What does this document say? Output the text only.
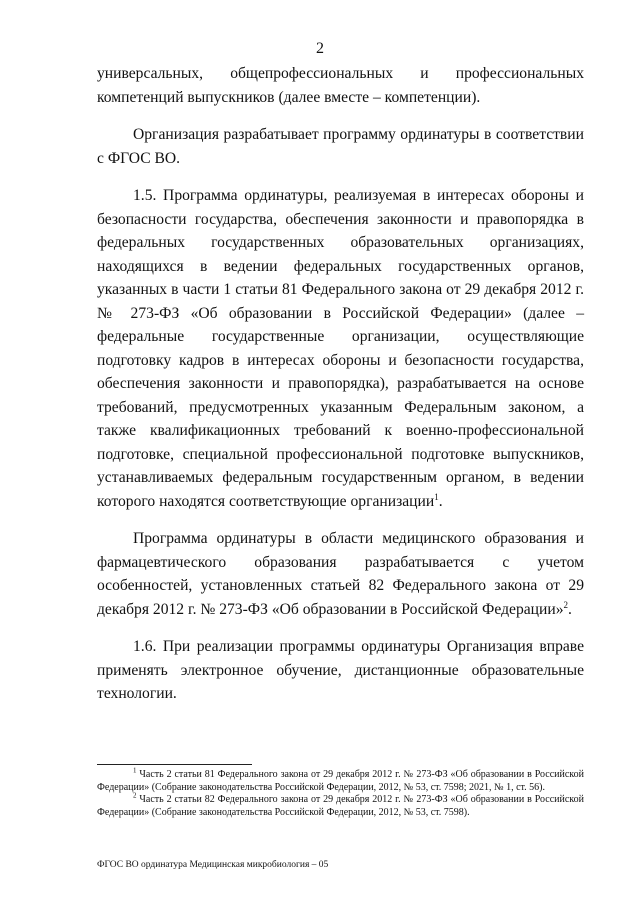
2

универсальных, общепрофессиональных и профессиональных компетенций выпускников (далее вместе – компетенции).

Организация разрабатывает программу ординатуры в соответствии с ФГОС ВО.

1.5. Программа ординатуры, реализуемая в интересах обороны и безопасности государства, обеспечения законности и правопорядка в федеральных государственных образовательных организациях, находящихся в ведении федеральных государственных органов, указанных в части 1 статьи 81 Федерального закона от 29 декабря 2012 г. № 273-ФЗ «Об образовании в Российской Федерации» (далее – федеральные государственные организации, осуществляющие подготовку кадров в интересах обороны и безопасности государства, обеспечения законности и правопорядка), разрабатывается на основе требований, предусмотренных указанным Федеральным законом, а также квалификационных требований к военно-профессиональной подготовке, специальной профессиональной подготовке выпускников, устанавливаемых федеральным государственным органом, в ведении которого находятся соответствующие организации$^1$.

Программа ординатуры в области медицинского образования и фармацевтического образования разрабатывается с учетом особенностей, установленных статьей 82 Федерального закона от 29 декабря 2012 г. № 273-ФЗ «Об образовании в Российской Федерации»$^2$.

1.6. При реализации программы ординатуры Организация вправе применять электронное обучение, дистанционные образовательные технологии.

$^1$ Часть 2 статьи 81 Федерального закона от 29 декабря 2012 г. № 273-ФЗ «Об образовании в Российской Федерации» (Собрание законодательства Российской Федерации, 2012, № 53, ст. 7598; 2021, № 1, ст. 56).

$^2$ Часть 2 статьи 82 Федерального закона от 29 декабря 2012 г. № 273-ФЗ «Об образовании в Российской Федерации» (Собрание законодательства Российской Федерации, 2012, № 53, ст. 7598).

ФГОС ВО ординатура Медицинская микробиология – 05
